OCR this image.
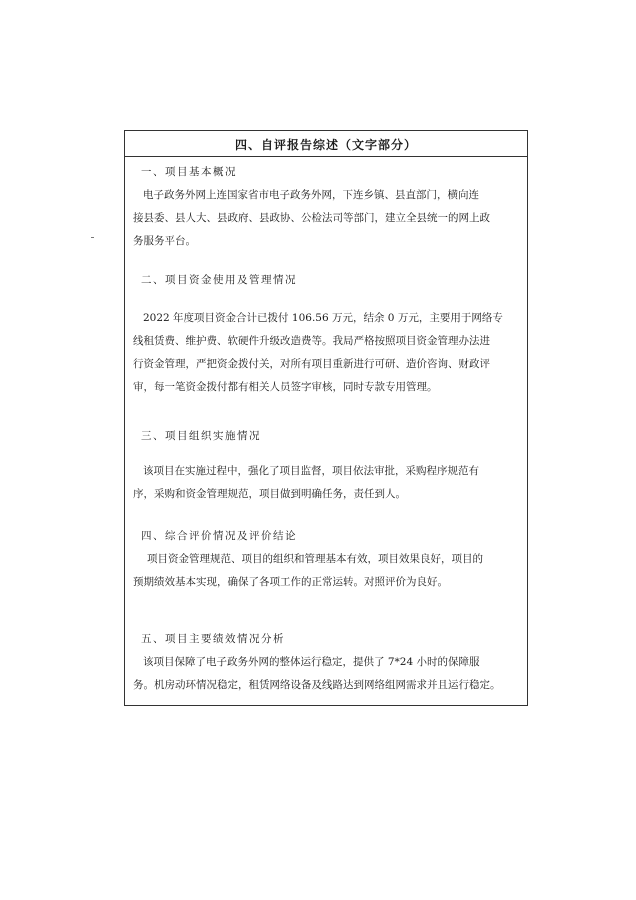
四、自评报告综述（文字部分）
一、项目基本概况
电子政务外网上连国家省市电子政务外网，下连乡镇、县直部门，横向连
接县委、县人大、县政府、县政协、公检法司等部门，建立全县统一的网上政
务服务平台。
二、项目资金使用及管理情况
2022 年度项目资金合计已拨付 106.56 万元，结余 0 万元，主要用于网络专
线租赁费、维护费、软硬件升级改造费等。我局严格按照项目资金管理办法进
行资金管理，严把资金拨付关，对所有项目重新进行可研、造价咨询、财政评
审，每一笔资金拨付都有相关人员签字审核，同时专款专用管理。
三、项目组织实施情况
该项目在实施过程中，强化了项目监督，项目依法审批，采购程序规范有
序，采购和资金管理规范，项目做到明确任务，责任到人。
四、综合评价情况及评价结论
项目资金管理规范、项目的组织和管理基本有效，项目效果良好，项目的
预期绩效基本实现，确保了各项工作的正常运转。对照评价为良好。
五、项目主要绩效情况分析
该项目保障了电子政务外网的整体运行稳定，提供了 7*24 小时的保障服
务。机房动环情况稳定，租赁网络设备及线路达到网络组网需求并且运行稳定。
